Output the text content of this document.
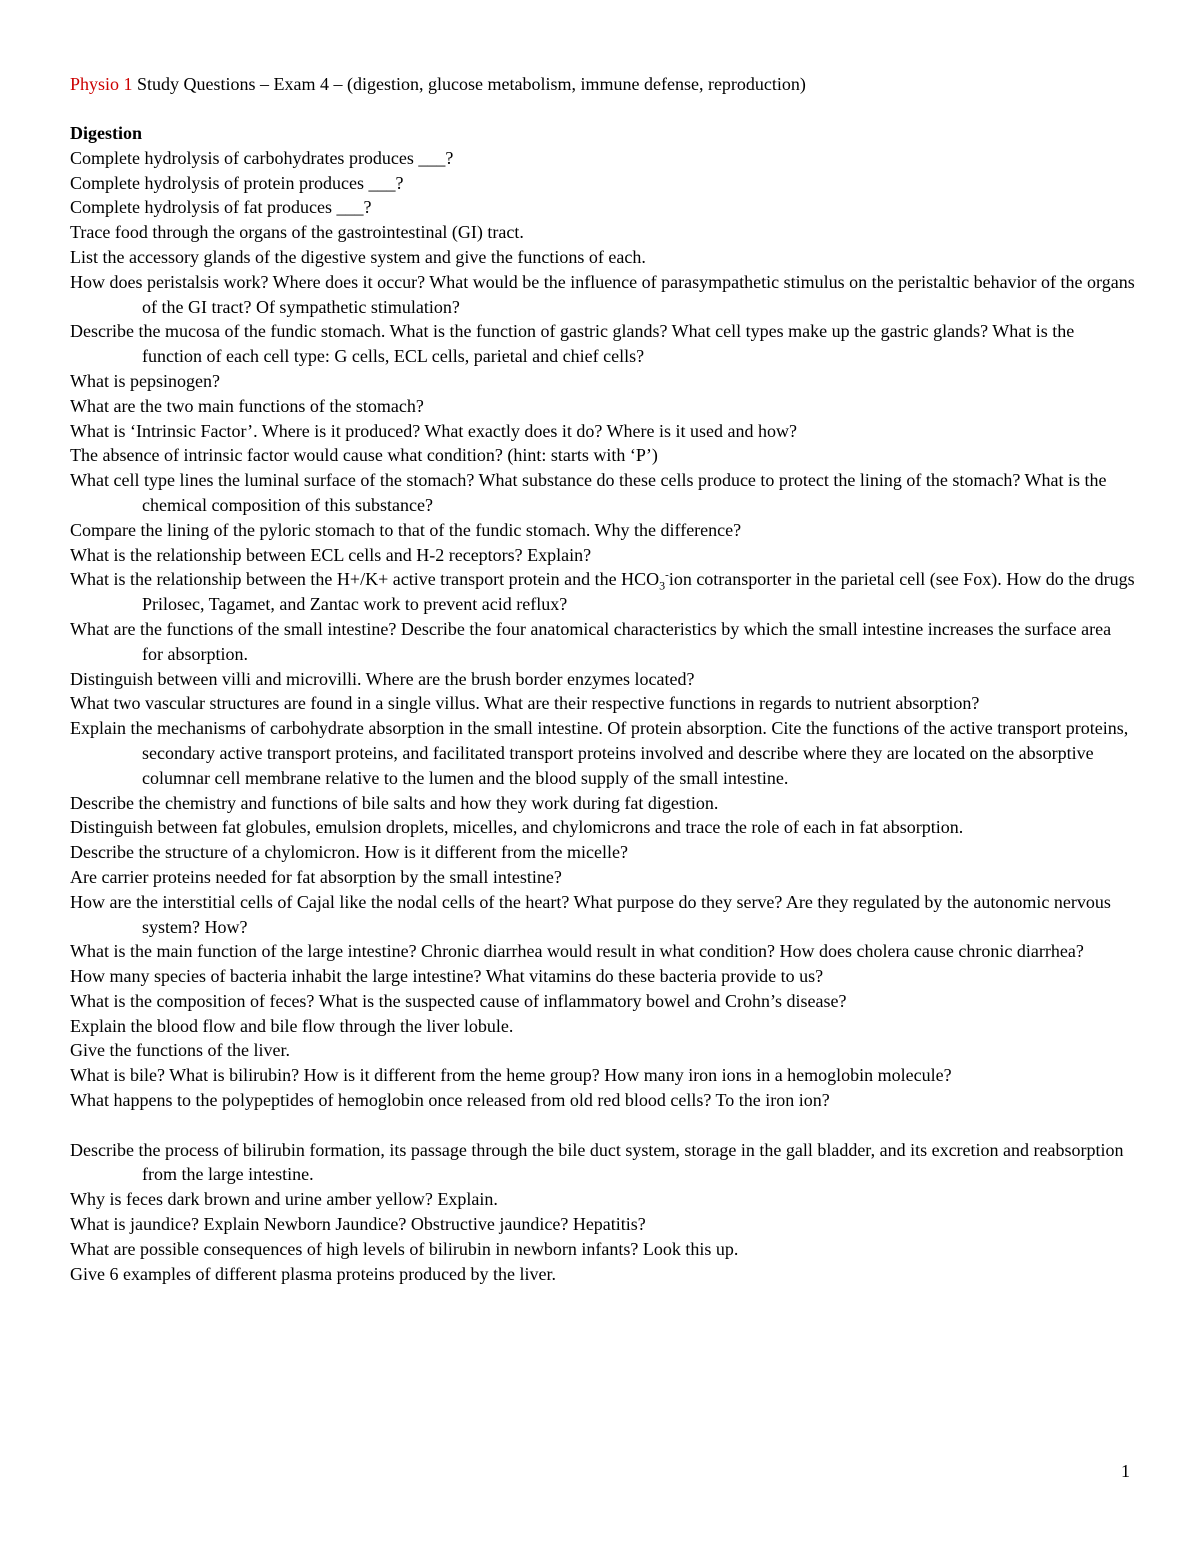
Physio 1 Study Questions – Exam 4 – (digestion, glucose metabolism, immune defense, reproduction)

Digestion

Complete hydrolysis of carbohydrates produces ___?

Complete hydrolysis of protein produces ___?

Complete hydrolysis of fat produces ___?

Trace food through the organs of the gastrointestinal (GI) tract.

List the accessory glands of the digestive system and give the functions of each.

How does peristalsis work? Where does it occur? What would be the influence of parasympathetic stimulus on the peristaltic behavior of the organs of the GI tract? Of sympathetic stimulation?

Describe the mucosa of the fundic stomach. What is the function of gastric glands? What cell types make up the gastric glands? What is the function of each cell type: G cells, ECL cells, parietal and chief cells?

What is pepsinogen?

What are the two main functions of the stomach?

What is ‘Intrinsic Factor’. Where is it produced? What exactly does it do? Where is it used and how?

The absence of intrinsic factor would cause what condition? (hint: starts with ‘P’)

What cell type lines the luminal surface of the stomach? What substance do these cells produce to protect the lining of the stomach? What is the chemical composition of this substance?

Compare the lining of the pyloric stomach to that of the fundic stomach. Why the difference?

What is the relationship between ECL cells and H-2 receptors? Explain?

What is the relationship between the H+/K+ active transport protein and the $HCO_3^-ion$ cotransporter in the parietal cell (see Fox). How do the drugs Prilosec, Tagamet, and Zantac work to prevent acid reflux?

What are the functions of the small intestine? Describe the four anatomical characteristics by which the small intestine increases the surface area for absorption.

Distinguish between villi and microvilli. Where are the brush border enzymes located?

What two vascular structures are found in a single villus. What are their respective functions in regards to nutrient absorption?

Explain the mechanisms of carbohydrate absorption in the small intestine. Of protein absorption. Cite the functions of the active transport proteins, secondary active transport proteins, and facilitated transport proteins involved and describe where they are located on the absorptive columnar cell membrane relative to the lumen and the blood supply of the small intestine.

Describe the chemistry and functions of bile salts and how they work during fat digestion.

Distinguish between fat globules, emulsion droplets, micelles, and chylomicrons and trace the role of each in fat absorption.

Describe the structure of a chylomicron. How is it different from the micelle?

Are carrier proteins needed for fat absorption by the small intestine?

How are the interstitial cells of Cajal like the nodal cells of the heart? What purpose do they serve? Are they regulated by the autonomic nervous system? How?

What is the main function of the large intestine? Chronic diarrhea would result in what condition? How does cholera cause chronic diarrhea?

How many species of bacteria inhabit the large intestine? What vitamins do these bacteria provide to us?

What is the composition of feces? What is the suspected cause of inflammatory bowel and Crohn’s disease?

Explain the blood flow and bile flow through the liver lobule.

Give the functions of the liver.

What is bile? What is bilirubin? How is it different from the heme group? How many iron ions in a hemoglobin molecule?

What happens to the polypeptides of hemoglobin once released from old red blood cells? To the iron ion?

Describe the process of bilirubin formation, its passage through the bile duct system, storage in the gall bladder, and its excretion and reabsorption from the large intestine.

Why is feces dark brown and urine amber yellow? Explain.

What is jaundice? Explain Newborn Jaundice? Obstructive jaundice? Hepatitis?

What are possible consequences of high levels of bilirubin in newborn infants? Look this up.

Give 6 examples of different plasma proteins produced by the liver.

1
